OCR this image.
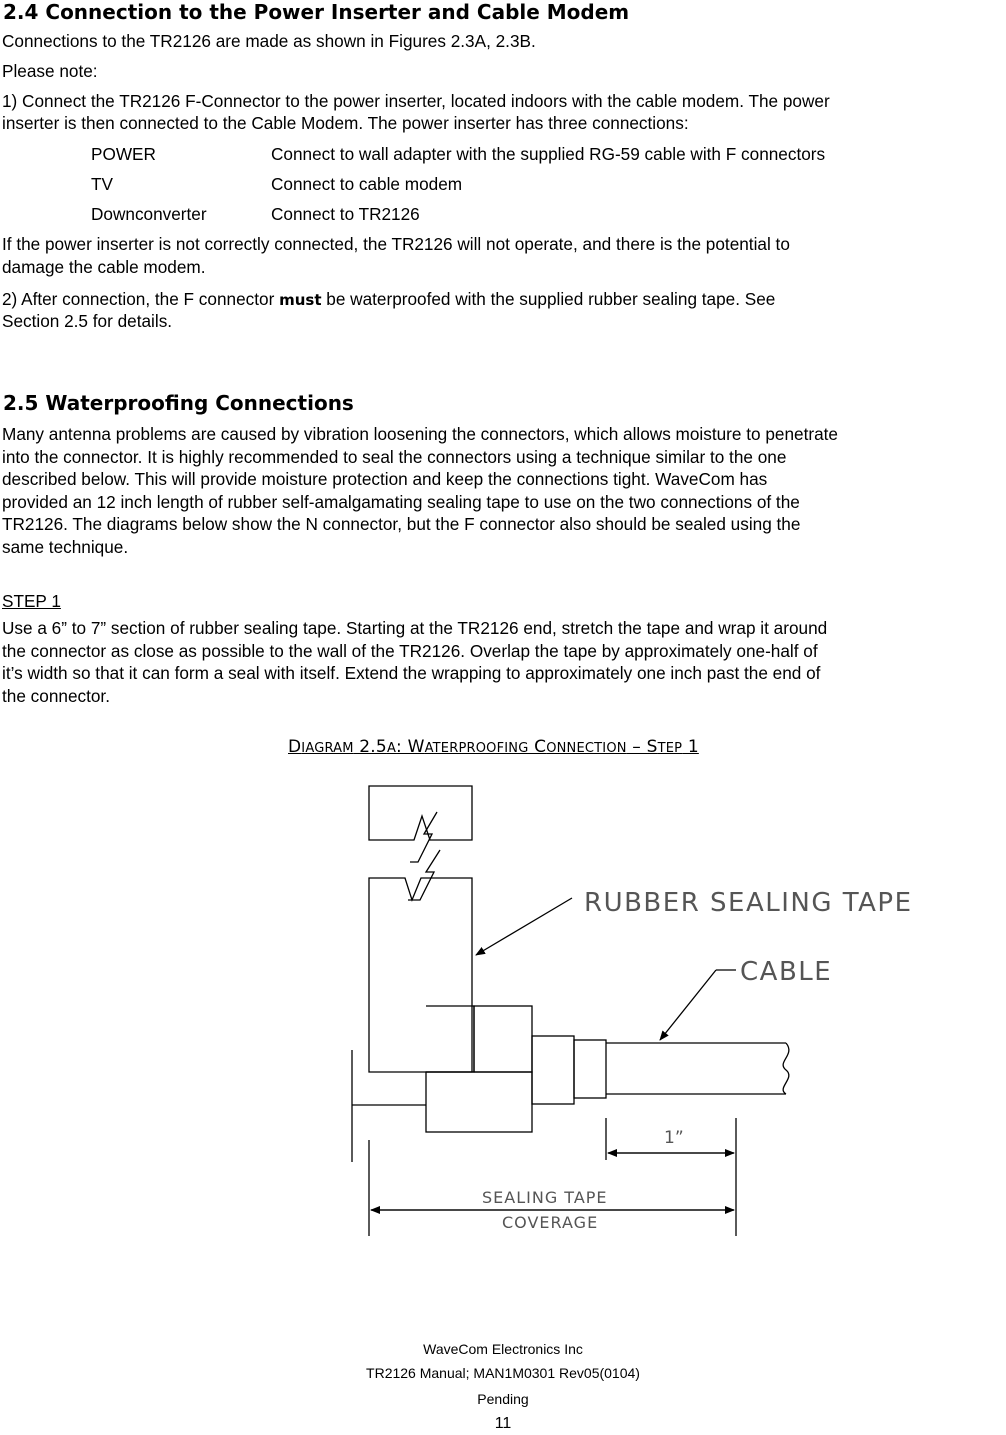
2.4 Connection to the Power Inserter and Cable Modem
Connections to the TR2126 are made as shown in Figures 2.3A, 2.3B.
Please note:
1) Connect the TR2126 F-Connector to the power inserter, located indoors with the cable modem. The power
inserter is then connected to the Cable Modem. The power inserter has three connections:
POWER	Connect to wall adapter with the supplied RG-59 cable with F connectors
TV	Connect to cable modem
Downconverter	Connect to TR2126
If the power inserter is not correctly connected, the TR2126 will not operate, and there is the potential to
damage the cable modem.
2) After connection, the F connector must be waterproofed with the supplied rubber sealing tape. See
Section 2.5 for details.
2.5 Waterproofing Connections
Many antenna problems are caused by vibration loosening the connectors, which allows moisture to penetrate
into the connector. It is highly recommended to seal the connectors using a technique similar to the one
described below. This will provide moisture protection and keep the connections tight. WaveCom has
provided an 12 inch length of rubber self-amalgamating sealing tape to use on the two connections of the
TR2126. The diagrams below show the N connector, but the F connector also should be sealed using the
same technique.
STEP 1
Use a 6” to 7” section of rubber sealing tape. Starting at the TR2126 end, stretch the tape and wrap it around
the connector as close as possible to the wall of the TR2126. Overlap the tape by approximately one-half of
it’s width so that it can form a seal with itself. Extend the wrapping to approximately one inch past the end of
the connector.
DIAGRAM 2.5A: WATERPROOFING CONNECTION – STEP 1
RUBBER SEALING TAPE
CABLE
1”
SEALING TAPE
COVERAGE
WaveCom Electronics Inc
TR2126 Manual; MAN1M0301 Rev05(0104)
Pending
11
